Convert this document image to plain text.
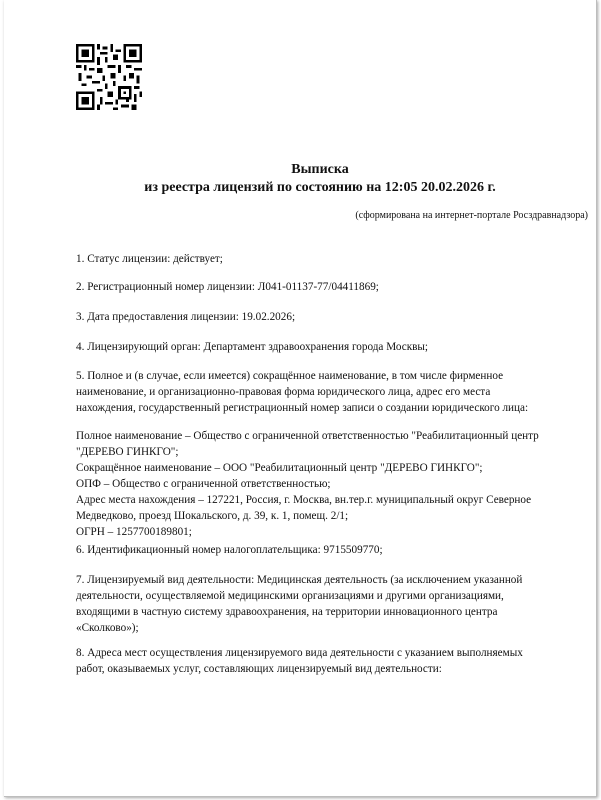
Выписка
из реестра лицензий по состоянию на 12:05 20.02.2026 г.
(сформирована на интернет-портале Росздравнадзора)
1. Статус лицензии: действует;
2. Регистрационный номер лицензии: Л041-01137-77/04411869;
3. Дата предоставления лицензии: 19.02.2026;
4. Лицензирующий орган: Департамент здравоохранения города Москвы;
5. Полное и (в случае, если имеется) сокращённое наименование, в том числе фирменное
наименование, и организационно-правовая форма юридического лица, адрес его места
нахождения, государственный регистрационный номер записи о создании юридического лица:
Полное наименование – Общество с ограниченной ответственностью "Реабилитационный центр
"ДЕРЕВО ГИНКГО";
Сокращённое наименование – ООО "Реабилитационный центр "ДЕРЕВО ГИНКГО";
ОПФ – Общество с ограниченной ответственностью;
Адрес места нахождения – 127221, Россия, г. Москва, вн.тер.г. муниципальный округ Северное
Медведково, проезд Шокальского, д. 39, к. 1, помещ. 2/1;
ОГРН – 1257700189801;
6. Идентификационный номер налогоплательщика: 9715509770;
7. Лицензируемый вид деятельности: Медицинская деятельность (за исключением указанной
деятельности, осуществляемой медицинскими организациями и другими организациями,
входящими в частную систему здравоохранения, на территории инновационного центра
«Сколково»);
8. Адреса мест осуществления лицензируемого вида деятельности с указанием выполняемых
работ, оказываемых услуг, составляющих лицензируемый вид деятельности:
